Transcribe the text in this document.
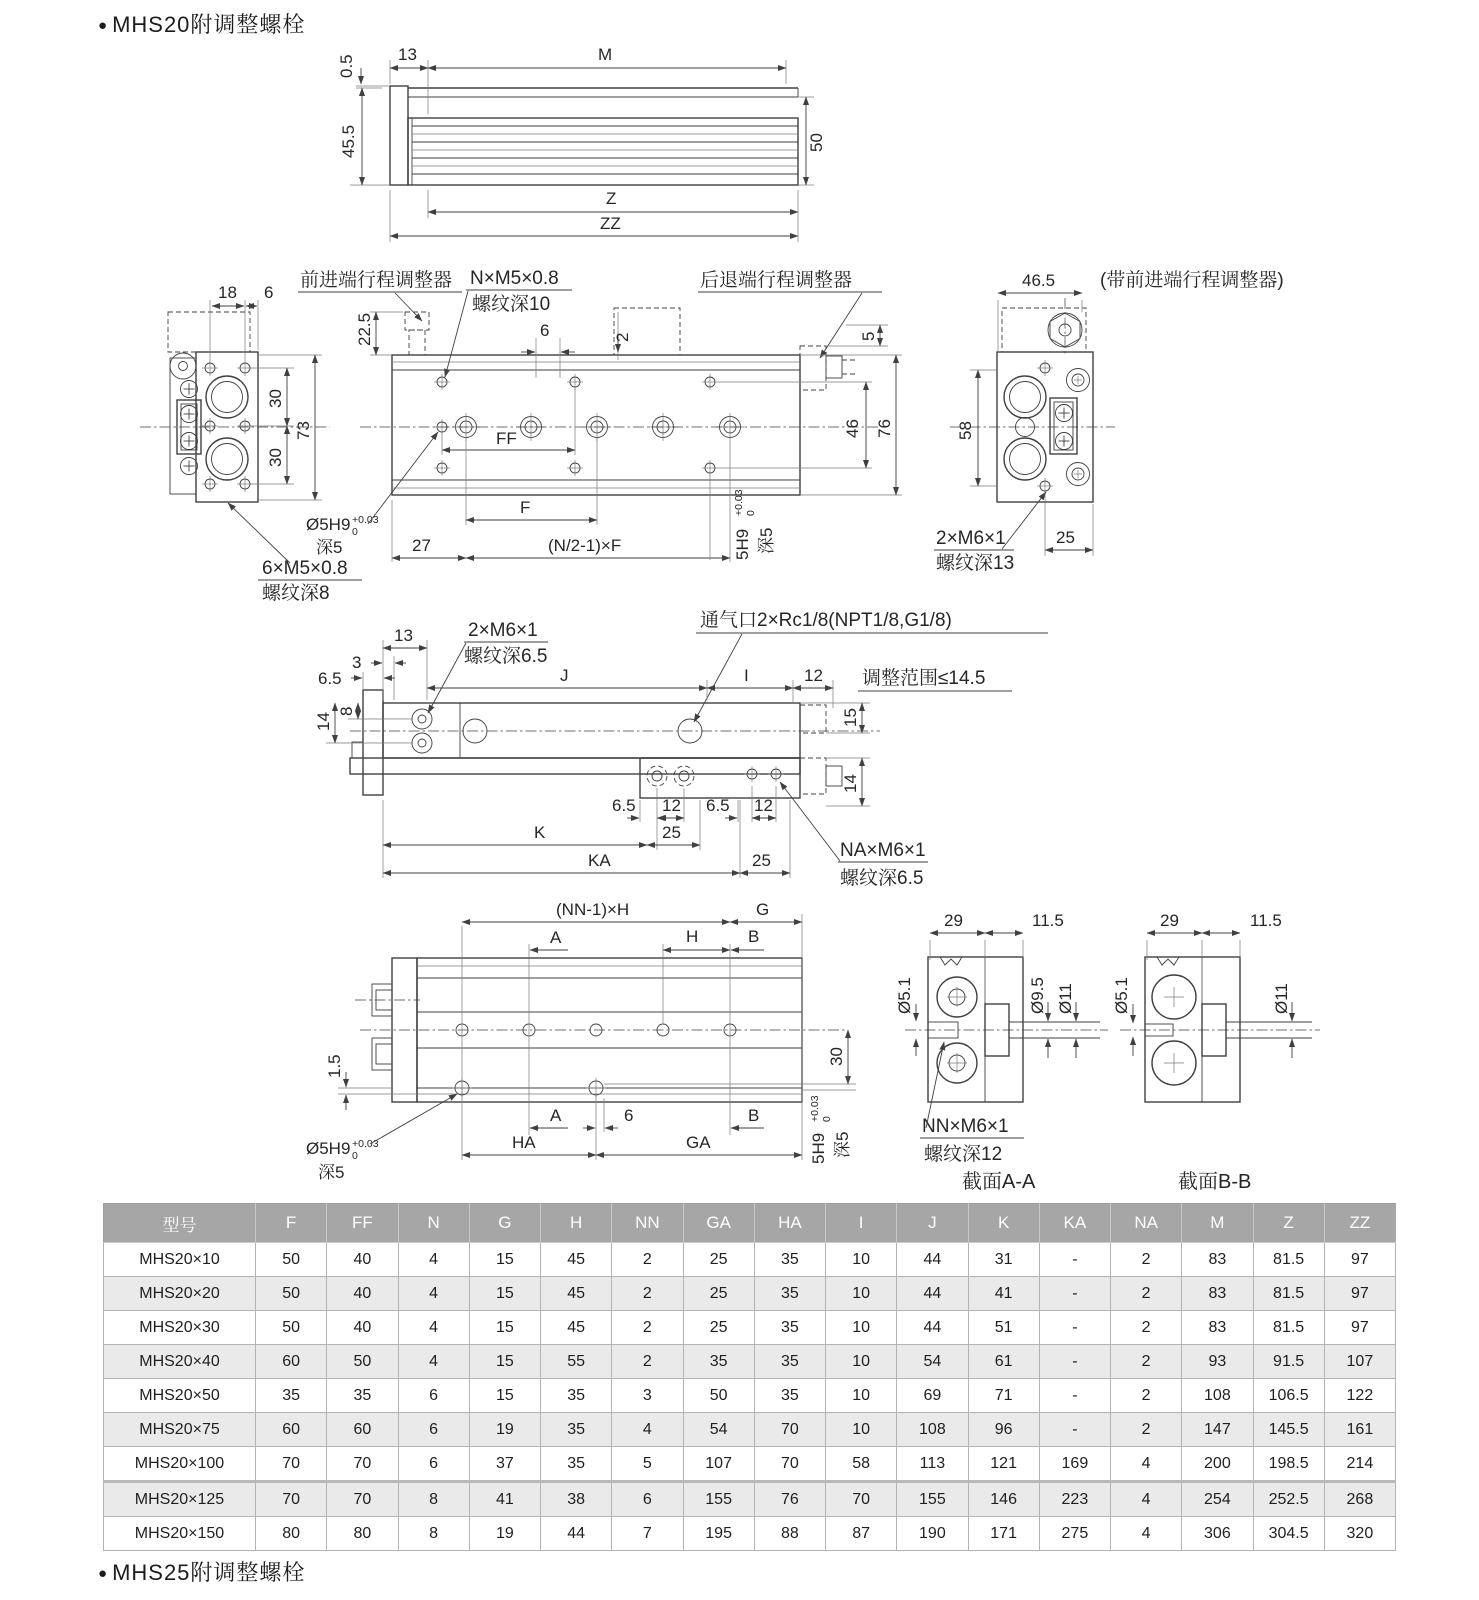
● MHS20附调整螺栓
13	M
0.5
45.5	50
Z
ZZ
18 6
30
30
73
6×M5×0.8
螺纹深8
前进端行程调整器
22.5
N×M5×0.8
螺纹深10
6	2
后退端行程调整器
5
46 76
FF
F
27	(N/2-1)×F
Ø5H9 +0.03
0
深5	5H9
+0.03 0
深5
46.5 (带前进端行程调整器)
58
2×M6×1
螺纹深13
25
2×M6×1
螺纹深6.5
通气口2×Rc1/8(NPT1/8,G1/8)
13
3
6.5	J	I	12 调整范围≤14.5
8
14	15
14
6.5 12 6.5 12
K	25
KA	25	NA×M6×1
螺纹深6.5
(NN-1)×H	G
A	H	B
30
1.5
A	6	B
HA	GA
Ø5H9 +0.03
0
深5
5H9
+0.03 0
深5
29	11.5
Ø5.1	Ø9.5 Ø11
NN×M6×1
螺纹深12
截面A-A
29	11.5
Ø5.1	Ø11
截面B-B
型号	F	FF	N	G	H	NN	GA	HA	I	J	K	KA	NA	M	Z	ZZ
MHS20×10	50	40	4	15	45	2	25	35	10	44	31	-	2	83	81.5	97
MHS20×20	50	40	4	15	45	2	25	35	10	44	41	-	2	83	81.5	97
MHS20×30	50	40	4	15	45	2	25	35	10	44	51	-	2	83	81.5	97
MHS20×40	60	50	4	15	55	2	35	35	10	54	61	-	2	93	91.5	107
MHS20×50	35	35	6	15	35	3	50	35	10	69	71	-	2	108	106.5	122
MHS20×75	60	60	6	19	35	4	54	70	10	108	96	-	2	147	145.5	161
MHS20×100	70	70	6	37	35	5	107	70	58	113	121	169	4	200	198.5	214
MHS20×125	70	70	8	41	38	6	155	76	70	155	146	223	4	254	252.5	268
MHS20×150	80	80	8	19	44	7	195	88	87	190	171	275	4	306	304.5	320
● MHS25附调整螺栓
